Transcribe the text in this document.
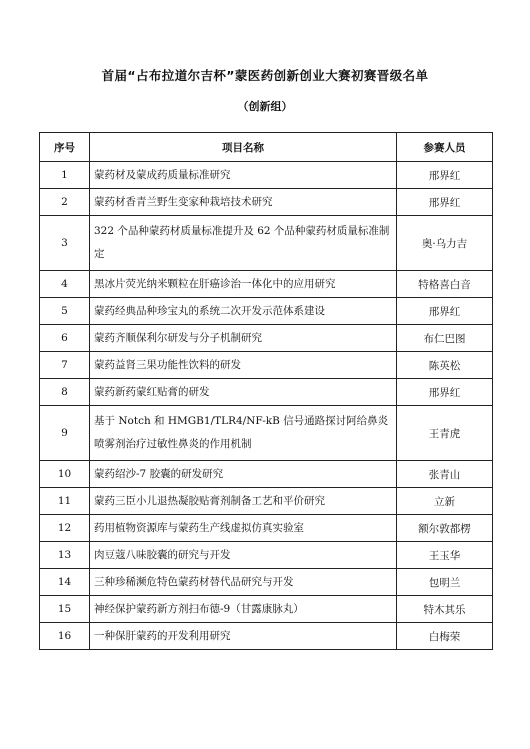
首届“占布拉道尔吉杯”蒙医药创新创业大赛初赛晋级名单
（创新组）
序号	项目名称	参赛人员
1	蒙药材及蒙成药质量标准研究	邢界红
2	蒙药材香青兰野生变家种栽培技术研究	邢界红
3	322 个品种蒙药材质量标准提升及 62 个品种蒙药材质量标准制定	奥·乌力吉
4	黑冰片荧光纳米颗粒在肝癌诊治一体化中的应用研究	特格喜白音
5	蒙药经典品种珍宝丸的系统二次开发示范体系建设	邢界红
6	蒙药齐顺保利尔研发与分子机制研究	布仁巴图
7	蒙药益肾三果功能性饮料的研发	陈英松
8	蒙药新药蒙红贴膏的研发	邢界红
9	基于 Notch 和 HMGB1/TLR4/NF-kB 信号通路探讨阿给鼻炎喷雾剂治疗过敏性鼻炎的作用机制	王青虎
10	蒙药绍沙-7 胶囊的研发研究	张青山
11	蒙药三臣小儿退热凝胶贴膏剂制备工艺和平价研究	立新
12	药用植物资源库与蒙药生产线虚拟仿真实验室	额尔敦都楞
13	肉豆蔻八味胶囊的研究与开发	王玉华
14	三种珍稀濒危特色蒙药材替代品研究与开发	包明兰
15	神经保护蒙药新方剂扫布德-9（甘露康脉丸）	特木其乐
16	一种保肝蒙药的开发利用研究	白梅荣
